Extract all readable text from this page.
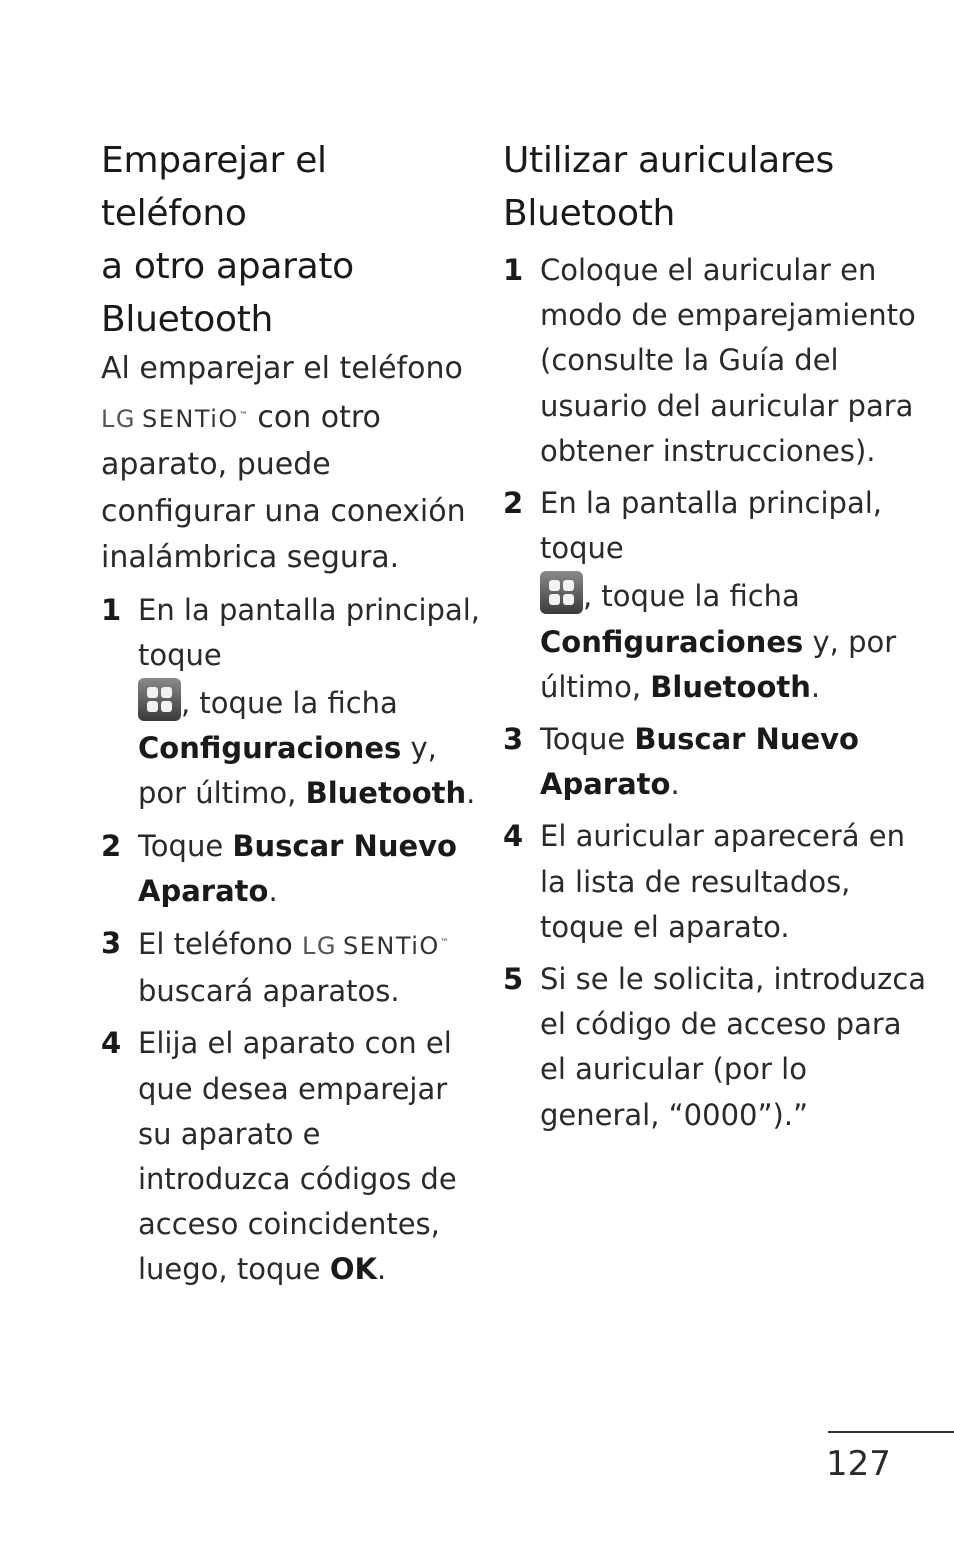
Emparejar el teléfono
a otro aparato
Bluetooth

Al emparejar el teléfono
LG SENTiO™ con otro aparato, puede configurar una conexión inalámbrica segura.

1 En la pantalla principal, toque

, toque la ficha Configuraciones y, por último, Bluetooth.
2 Toque Buscar Nuevo Aparato.
3 El teléfono LG SENTiO™ buscará aparatos.
4 Elija el aparato con el que desea emparejar su aparato e introduzca códigos de acceso coincidentes, luego, toque OK.
Utilizar auriculares
Bluetooth
1 Coloque el auricular en modo de emparejamiento (consulte la Guía del usuario del auricular para obtener instrucciones).
2 En la pantalla principal, toque

, toque la ficha Configuraciones y, por último, Bluetooth.
3 Toque Buscar Nuevo Aparato.
4 El auricular aparecerá en la lista de resultados, toque el aparato.
5 Si se le solicita, introduzca el código de acceso para el auricular (por lo general, “0000”).”
127
